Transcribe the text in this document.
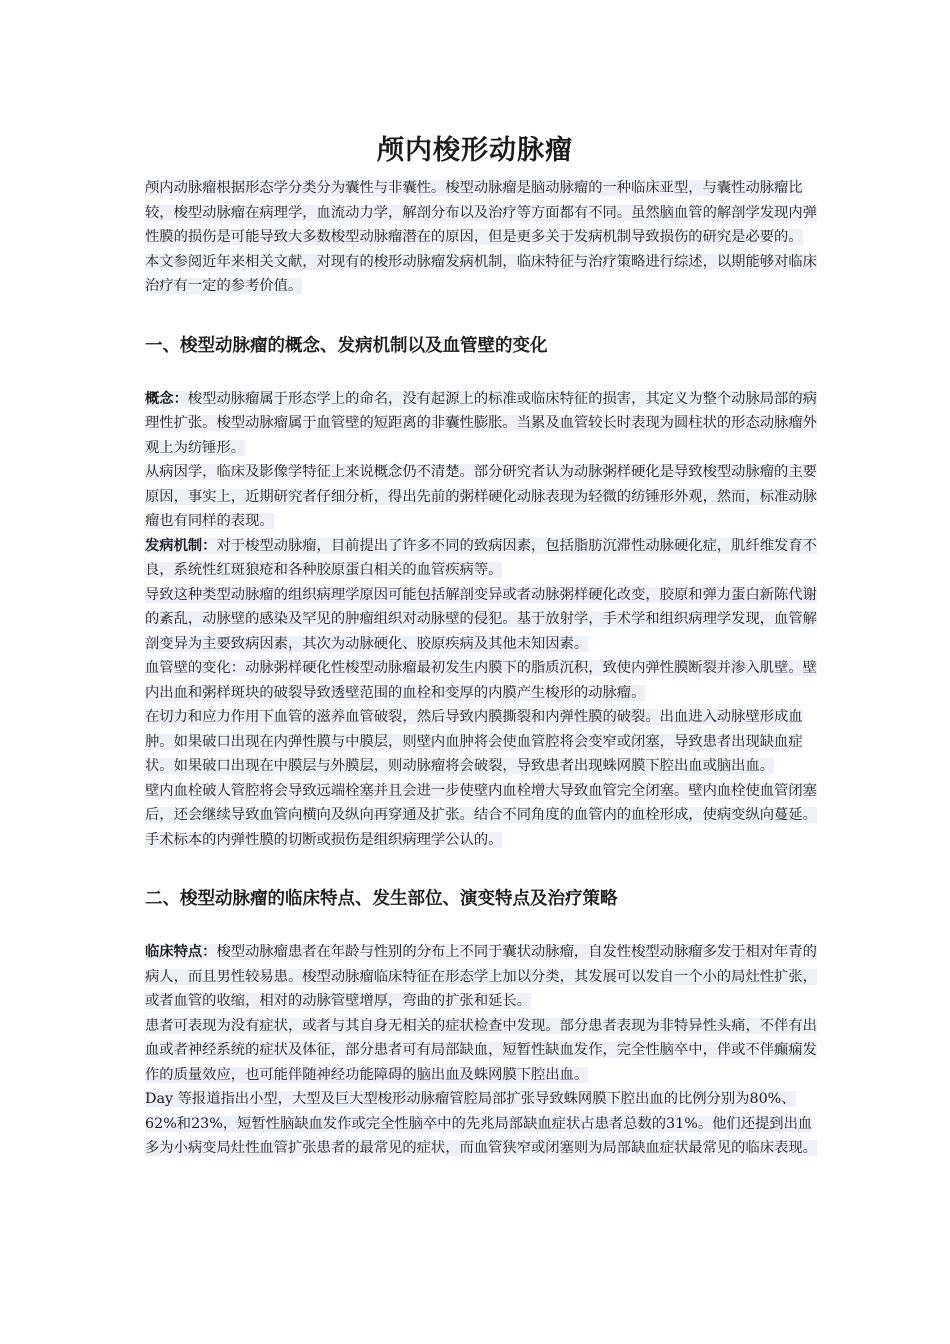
颅内梭形动脉瘤

颅内动脉瘤根据形态学分类分为囊性与非囊性。梭型动脉瘤是脑动脉瘤的一种临床亚型，与囊性动脉瘤比较，梭型动脉瘤在病理学，血流动力学，解剖分布以及治疗等方面都有不同。虽然脑血管的解剖学发现内弹性膜的损伤是可能导致大多数梭型动脉瘤潜在的原因，但是更多关于发病机制导致损伤的研究是必要的。

本文参阅近年来相关文献，对现有的梭形动脉瘤发病机制，临床特征与治疗策略进行综述，以期能够对临床治疗有一定的参考价值。

一、梭型动脉瘤的概念、发病机制以及血管壁的变化

概念：梭型动脉瘤属于形态学上的命名，没有起源上的标准或临床特征的损害，其定义为整个动脉局部的病理性扩张。梭型动脉瘤属于血管壁的短距离的非囊性膨胀。当累及血管较长时表现为圆柱状的形态动脉瘤外观上为纺锤形。

从病因学，临床及影像学特征上来说概念仍不清楚。部分研究者认为动脉粥样硬化是导致梭型动脉瘤的主要原因，事实上，近期研究者仔细分析，得出先前的粥样硬化动脉表现为轻微的纺锤形外观，然而，标准动脉瘤也有同样的表现。

发病机制：对于梭型动脉瘤，目前提出了许多不同的致病因素，包括脂肪沉滞性动脉硬化症，肌纤维发育不良，系统性红斑狼疮和各种胶原蛋白相关的血管疾病等。

导致这种类型动脉瘤的组织病理学原因可能包括解剖变异或者动脉粥样硬化改变，胶原和弹力蛋白新陈代谢的紊乱，动脉壁的感染及罕见的肿瘤组织对动脉壁的侵犯。基于放射学，手术学和组织病理学发现，血管解剖变异为主要致病因素，其次为动脉硬化、胶原疾病及其他未知因素。

血管壁的变化：动脉粥样硬化性梭型动脉瘤最初发生内膜下的脂质沉积，致使内弹性膜断裂并渗入肌壁。壁内出血和粥样斑块的破裂导致透壁范围的血栓和变厚的内膜产生梭形的动脉瘤。

在切力和应力作用下血管的滋养血管破裂，然后导致内膜撕裂和内弹性膜的破裂。出血进入动脉壁形成血肿。如果破口出现在内弹性膜与中膜层，则壁内血肿将会使血管腔将会变窄或闭塞，导致患者出现缺血症状。如果破口出现在中膜层与外膜层，则动脉瘤将会破裂，导致患者出现蛛网膜下腔出血或脑出血。

壁内血栓破人管腔将会导致远端栓塞并且会进一步使壁内血栓增大导致血管完全闭塞。壁内血栓使血管闭塞后，还会继续导致血管向横向及纵向再穿通及扩张。结合不同角度的血管内的血栓形成，使病变纵向蔓延。手术标本的内弹性膜的切断或损伤是组织病理学公认的。

二、梭型动脉瘤的临床特点、发生部位、演变特点及治疗策略

临床特点：梭型动脉瘤患者在年龄与性别的分布上不同于囊状动脉瘤，自发性梭型动脉瘤多发于相对年青的病人，而且男性较易患。梭型动脉瘤临床特征在形态学上加以分类，其发展可以发自一个小的局灶性扩张，或者血管的收缩，相对的动脉管壁增厚，弯曲的扩张和延长。

患者可表现为没有症状，或者与其自身无相关的症状检查中发现。部分患者表现为非特异性头痛，不伴有出血或者神经系统的症状及体征，部分患者可有局部缺血，短暂性缺血发作，完全性脑卒中，伴或不伴癫痫发作的质量效应，也可能伴随神经功能障碍的脑出血及蛛网膜下腔出血。

Day 等报道指出小型，大型及巨大型梭形动脉瘤管腔局部扩张导致蛛网膜下腔出血的比例分别为80%、62%和23%，短暂性脑缺血发作或完全性脑卒中的先兆局部缺血症状占患者总数的31%。他们还提到出血多为小病变局灶性血管扩张患者的最常见的症状，而血管狭窄或闭塞则为局部缺血症状最常见的临床表现。
